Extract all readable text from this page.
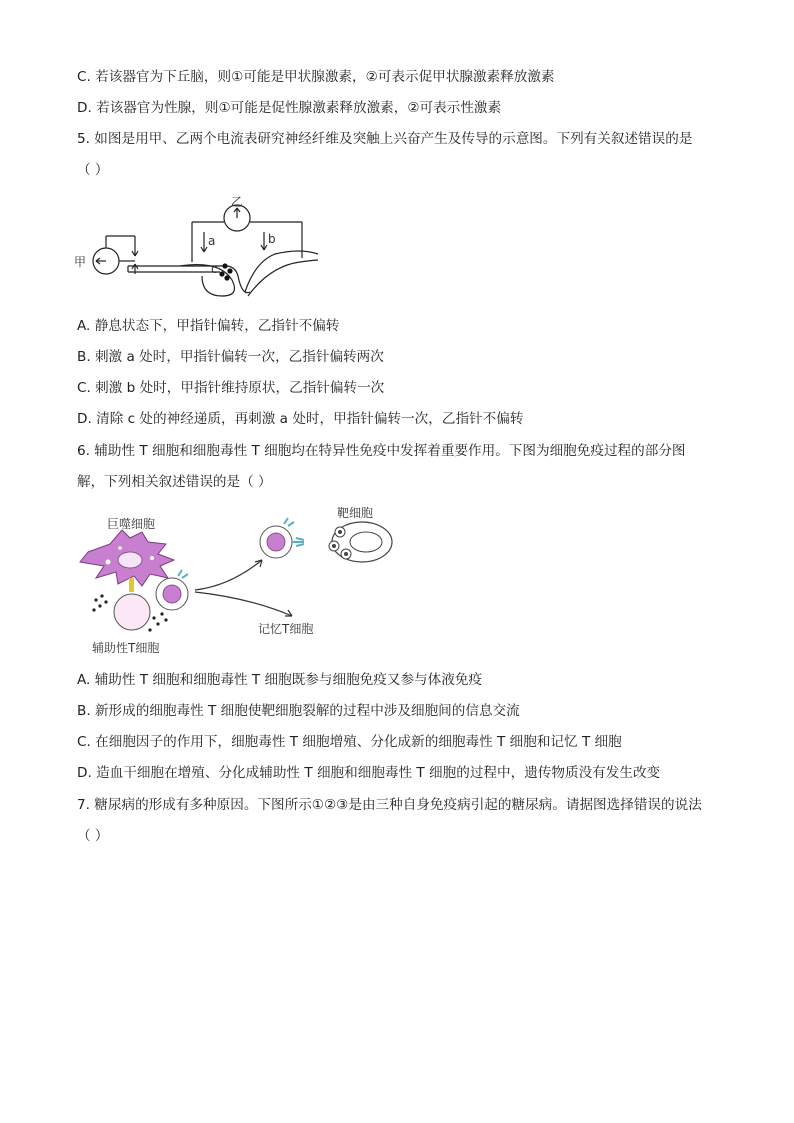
C. 若该器官为下丘脑，则①可能是甲状腺激素，②可表示促甲状腺激素释放激素
D. 若该器官为性腺，则①可能是促性腺激素释放激素，②可表示性激素
5. 如图是用甲、乙两个电流表研究神经纤维及突触上兴奋产生及传导的示意图。下列有关叙述错误的是
（ ）
甲
乙
a	b
c
A. 静息状态下，甲指针偏转，乙指针不偏转
B. 刺激 a 处时，甲指针偏转一次，乙指针偏转两次
C. 刺激 b 处时，甲指针维持原状，乙指针偏转一次
D. 清除 c 处的神经递质，再刺激 a 处时，甲指针偏转一次，乙指针不偏转
6. 辅助性 T 细胞和细胞毒性 T 细胞均在特异性免疫中发挥着重要作用。下图为细胞免疫过程的部分图
解，下列相关叙述错误的是（ ）
巨噬细胞
靶细胞
辅助性T细胞
记忆T细胞
A. 辅助性 T 细胞和细胞毒性 T 细胞既参与细胞免疫又参与体液免疫
B. 新形成的细胞毒性 T 细胞使靶细胞裂解的过程中涉及细胞间的信息交流
C. 在细胞因子的作用下，细胞毒性 T 细胞增殖、分化成新的细胞毒性 T 细胞和记忆 T 细胞
D. 造血干细胞在增殖、分化成辅助性 T 细胞和细胞毒性 T 细胞的过程中，遗传物质没有发生改变
7. 糖尿病的形成有多种原因。下图所示①②③是由三种自身免疫病引起的糖尿病。请据图选择错误的说法
（ ）
